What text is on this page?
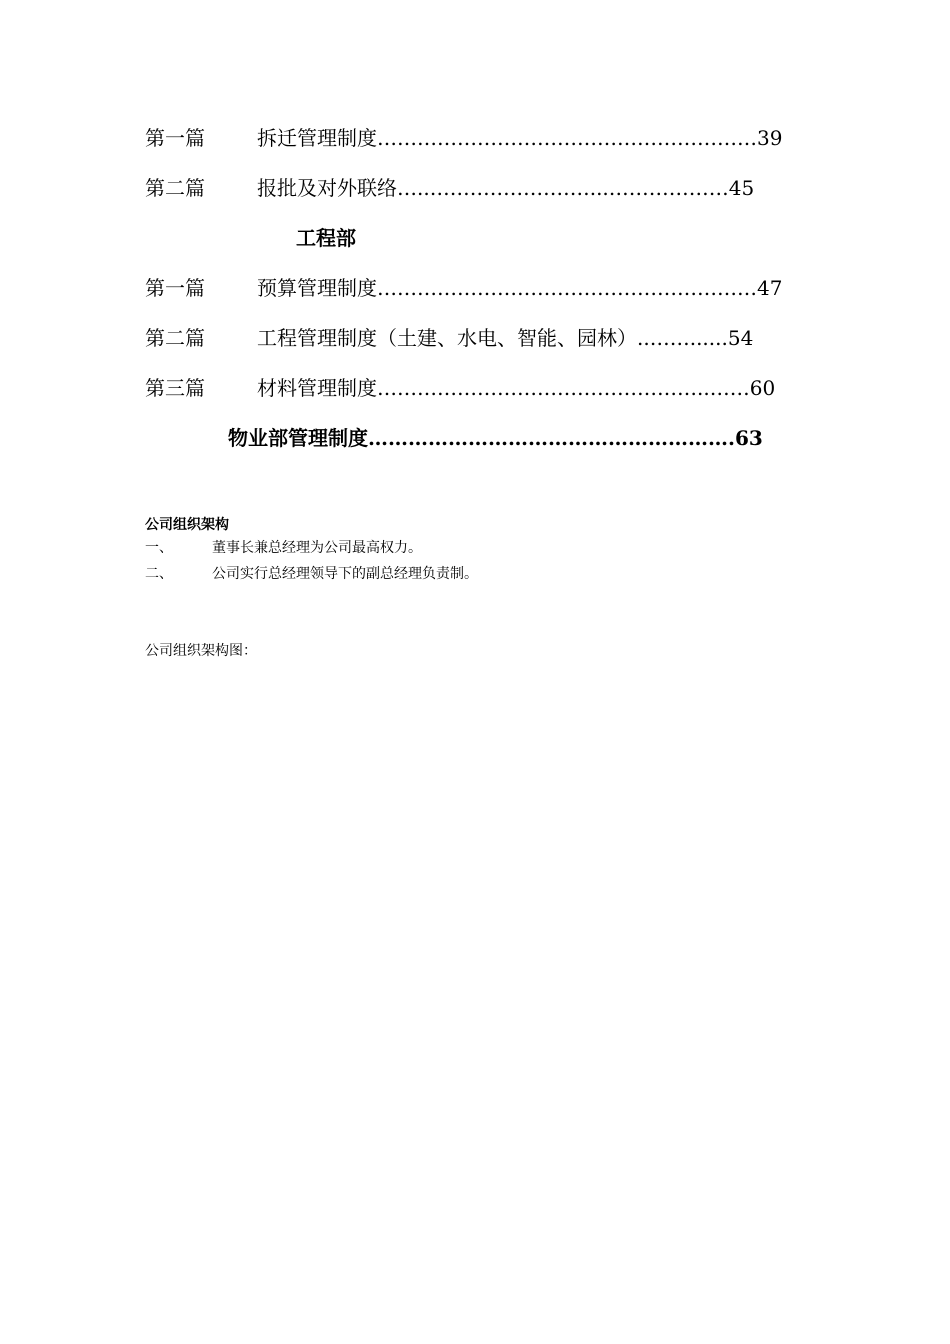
第一篇	拆迁管理制度…………………………………………………39
第二篇	报批及对外联络…..……………………...………………45
工程部
第一篇	预算管理制度…………………………………………………47
第二篇	工程管理制度（土建、水电、智能、园林）..……......54
第三篇	材料管理制度…………………………………………..……60
物业部管理制度……………………………………………….63
公司组织架构
一、	董事长兼总经理为公司最高权力。
二、	公司实行总经理领导下的副总经理负责制。
公司组织架构图：
